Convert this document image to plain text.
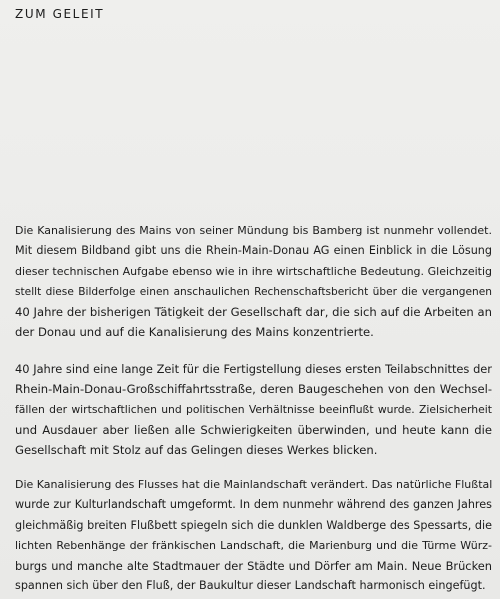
ZUM GELEIT
Die Kanalisierung des Mains von seiner Mündung bis Bamberg ist nunmehr vollendet.
Mit diesem Bildband gibt uns die Rhein-Main-Donau AG einen Einblick in die Lösung
dieser technischen Aufgabe ebenso wie in ihre wirtschaftliche Bedeutung. Gleichzeitig
stellt diese Bilderfolge einen anschaulichen Rechenschaftsbericht über die vergangenen
40 Jahre der bisherigen Tätigkeit der Gesellschaft dar, die sich auf die Arbeiten an
der Donau und auf die Kanalisierung des Mains konzentrierte.
40 Jahre sind eine lange Zeit für die Fertigstellung dieses ersten Teilabschnittes der
Rhein-Main-Donau-Großschiffahrtsstraße, deren Baugeschehen von den Wechsel-
fällen der wirtschaftlichen und politischen Verhältnisse beeinflußt wurde. Zielsicherheit
und Ausdauer aber ließen alle Schwierigkeiten überwinden, und heute kann die
Gesellschaft mit Stolz auf das Gelingen dieses Werkes blicken.
Die Kanalisierung des Flusses hat die Mainlandschaft verändert. Das natürliche Flußtal
wurde zur Kulturlandschaft umgeformt. In dem nunmehr während des ganzen Jahres
gleichmäßig breiten Flußbett spiegeln sich die dunklen Waldberge des Spessarts, die
lichten Rebenhänge der fränkischen Landschaft, die Marienburg und die Türme Würz-
burgs und manche alte Stadtmauer der Städte und Dörfer am Main. Neue Brücken
spannen sich über den Fluß, der Baukultur dieser Landschaft harmonisch eingefügt.
